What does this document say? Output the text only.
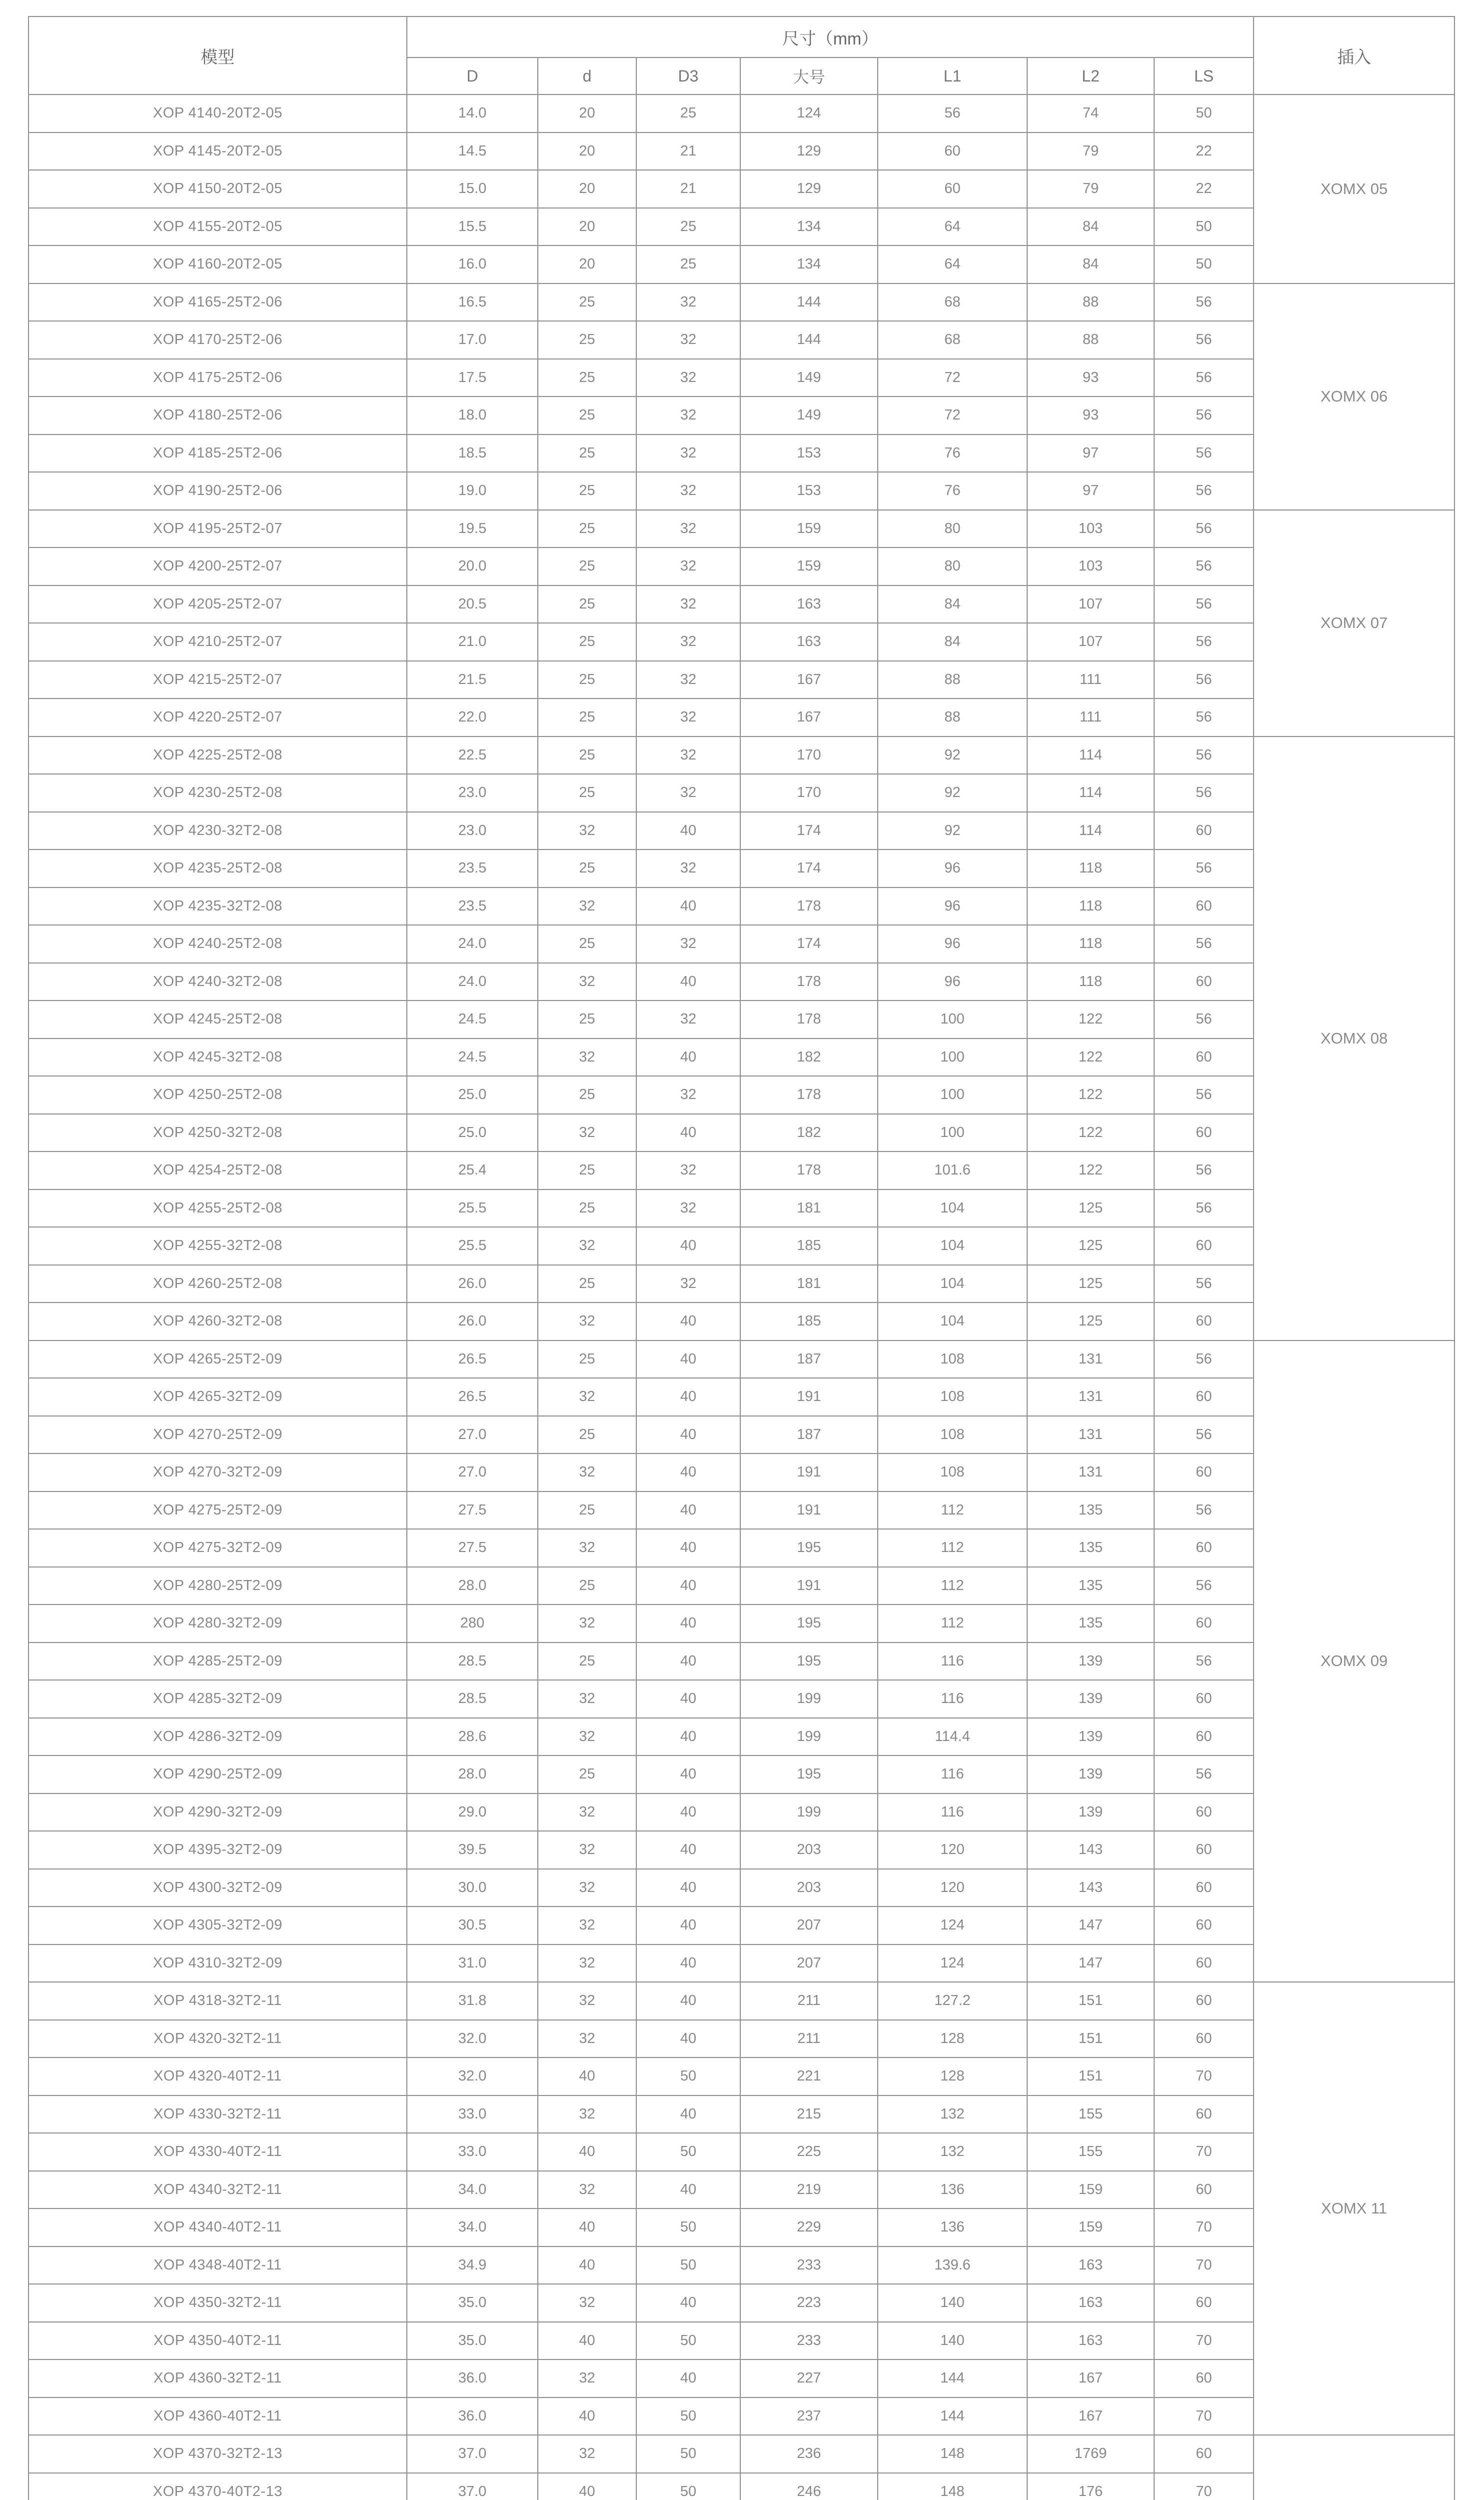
模型	尺寸（mm）							插入
	D	d	D3	大号	L1	L2	LS	
XOP 4140-20T2-05	14.0	20	25	124	56	74	50	XOMX 05
XOP 4145-20T2-05	14.5	20	21	129	60	79	22	
XOP 4150-20T2-05	15.0	20	21	129	60	79	22	
XOP 4155-20T2-05	15.5	20	25	134	64	84	50	
XOP 4160-20T2-05	16.0	20	25	134	64	84	50	
XOP 4165-25T2-06	16.5	25	32	144	68	88	56	XOMX 06
XOP 4170-25T2-06	17.0	25	32	144	68	88	56	
XOP 4175-25T2-06	17.5	25	32	149	72	93	56	
XOP 4180-25T2-06	18.0	25	32	149	72	93	56	
XOP 4185-25T2-06	18.5	25	32	153	76	97	56	
XOP 4190-25T2-06	19.0	25	32	153	76	97	56	
XOP 4195-25T2-07	19.5	25	32	159	80	103	56	XOMX 07
XOP 4200-25T2-07	20.0	25	32	159	80	103	56	
XOP 4205-25T2-07	20.5	25	32	163	84	107	56	
XOP 4210-25T2-07	21.0	25	32	163	84	107	56	
XOP 4215-25T2-07	21.5	25	32	167	88	111	56	
XOP 4220-25T2-07	22.0	25	32	167	88	111	56	
XOP 4225-25T2-08	22.5	25	32	170	92	114	56	XOMX 08
XOP 4230-25T2-08	23.0	25	32	170	92	114	56	
XOP 4230-32T2-08	23.0	32	40	174	92	114	60	
XOP 4235-25T2-08	23.5	25	32	174	96	118	56	
XOP 4235-32T2-08	23.5	32	40	178	96	118	60	
XOP 4240-25T2-08	24.0	25	32	174	96	118	56	
XOP 4240-32T2-08	24.0	32	40	178	96	118	60	
XOP 4245-25T2-08	24.5	25	32	178	100	122	56	
XOP 4245-32T2-08	24.5	32	40	182	100	122	60	
XOP 4250-25T2-08	25.0	25	32	178	100	122	56	
XOP 4250-32T2-08	25.0	32	40	182	100	122	60	
XOP 4254-25T2-08	25.4	25	32	178	101.6	122	56	
XOP 4255-25T2-08	25.5	25	32	181	104	125	56	
XOP 4255-32T2-08	25.5	32	40	185	104	125	60	
XOP 4260-25T2-08	26.0	25	32	181	104	125	56	
XOP 4260-32T2-08	26.0	32	40	185	104	125	60	
XOP 4265-25T2-09	26.5	25	40	187	108	131	56	XOMX 09
XOP 4265-32T2-09	26.5	32	40	191	108	131	60	
XOP 4270-25T2-09	27.0	25	40	187	108	131	56	
XOP 4270-32T2-09	27.0	32	40	191	108	131	60	
XOP 4275-25T2-09	27.5	25	40	191	112	135	56	
XOP 4275-32T2-09	27.5	32	40	195	112	135	60	
XOP 4280-25T2-09	28.0	25	40	191	112	135	56	
XOP 4280-32T2-09	280	32	40	195	112	135	60	
XOP 4285-25T2-09	28.5	25	40	195	116	139	56	
XOP 4285-32T2-09	28.5	32	40	199	116	139	60	
XOP 4286-32T2-09	28.6	32	40	199	114.4	139	60	
XOP 4290-25T2-09	28.0	25	40	195	116	139	56	
XOP 4290-32T2-09	29.0	32	40	199	116	139	60	
XOP 4395-32T2-09	39.5	32	40	203	120	143	60	
XOP 4300-32T2-09	30.0	32	40	203	120	143	60	
XOP 4305-32T2-09	30.5	32	40	207	124	147	60	
XOP 4310-32T2-09	31.0	32	40	207	124	147	60	
XOP 4318-32T2-11	31.8	32	40	211	127.2	151	60	XOMX 11
XOP 4320-32T2-11	32.0	32	40	211	128	151	60	
XOP 4320-40T2-11	32.0	40	50	221	128	151	70	
XOP 4330-32T2-11	33.0	32	40	215	132	155	60	
XOP 4330-40T2-11	33.0	40	50	225	132	155	70	
XOP 4340-32T2-11	34.0	32	40	219	136	159	60	
XOP 4340-40T2-11	34.0	40	50	229	136	159	70	
XOP 4348-40T2-11	34.9	40	50	233	139.6	163	70	
XOP 4350-32T2-11	35.0	32	40	223	140	163	60	
XOP 4350-40T2-11	35.0	40	50	233	140	163	70	
XOP 4360-32T2-11	36.0	32	40	227	144	167	60	
XOP 4360-40T2-11	36.0	40	50	237	144	167	70	
XOP 4370-32T2-13	37.0	32	50	236	148	1769	60	
XOP 4370-40T2-13	37.0	40	50	246	148	176	70	
